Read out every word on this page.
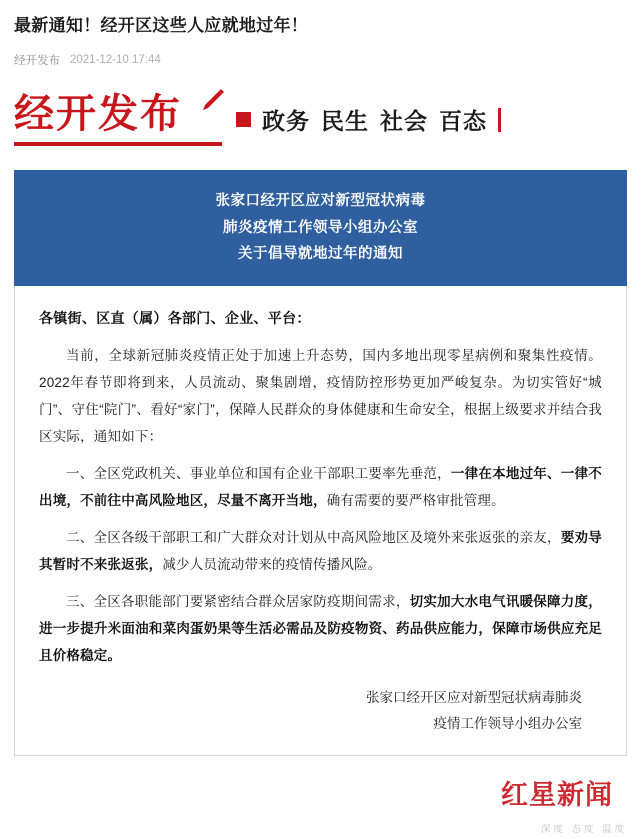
最新通知！经开区这些人应就地过年！
经开发布 2021-12-10 17:44
经开发布	政务 民生 社会 百态
张家口经开区应对新型冠状病毒
肺炎疫情工作领导小组办公室
关于倡导就地过年的通知
各镇街、区直（属）各部门、企业、平台：
当前，全球新冠肺炎疫情正处于加速上升态势，国内多地出现零星病例和聚集性疫情。2022年春节即将到来，人员流动、聚集剧增，疫情防控形势更加严峻复杂。为切实管好“城门”、守住“院门”、看好“家门”，保障人民群众的身体健康和生命安全，根据上级要求并结合我区实际，通知如下：
一、全区党政机关、事业单位和国有企业干部职工要率先垂范，一律在本地过年、一律不出境，不前往中高风险地区，尽量不离开当地，确有需要的要严格审批管理。
二、全区各级干部职工和广大群众对计划从中高风险地区及境外来张返张的亲友，要劝导其暂时不来张返张，减少人员流动带来的疫情传播风险。
三、全区各职能部门要紧密结合群众居家防疫期间需求，切实加大水电气讯暖保障力度，进一步提升米面油和菜肉蛋奶果等生活必需品及防疫物资、药品供应能力，保障市场供应充足且价格稳定。
张家口经开区应对新型冠状病毒肺炎
疫情工作领导小组办公室
红星新闻
深度 态度 温度
